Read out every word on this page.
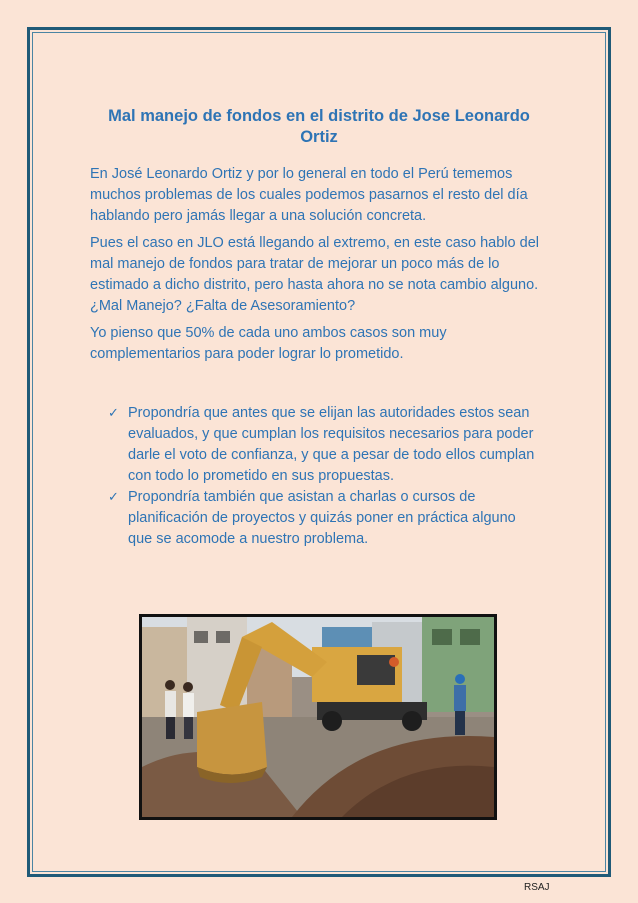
Mal manejo de fondos en el distrito de Jose Leonardo Ortiz

En José Leonardo Ortiz y por lo general en todo el Perú tememos muchos problemas de los cuales podemos pasarnos el resto del día hablando pero jamás llegar a una solución concreta.

Pues el caso en JLO está llegando al extremo, en este caso hablo del mal manejo de fondos para tratar de mejorar un poco más de lo estimado a dicho distrito, pero hasta ahora no se nota cambio alguno. ¿Mal Manejo? ¿Falta de Asesoramiento?

Yo pienso que 50% de cada uno ambos casos son muy complementarios para poder lograr lo prometido.

✓ Propondría que antes que se elijan las autoridades estos sean evaluados, y que cumplan los requisitos necesarios para poder darle el voto de confianza, y que a pesar de todo ellos cumplan con todo lo prometido en sus propuestas.
✓ Propondría también que asistan a charlas o cursos de planificación de proyectos y quizás poner en práctica alguno que se acomode a nuestro problema.

RSAJ
